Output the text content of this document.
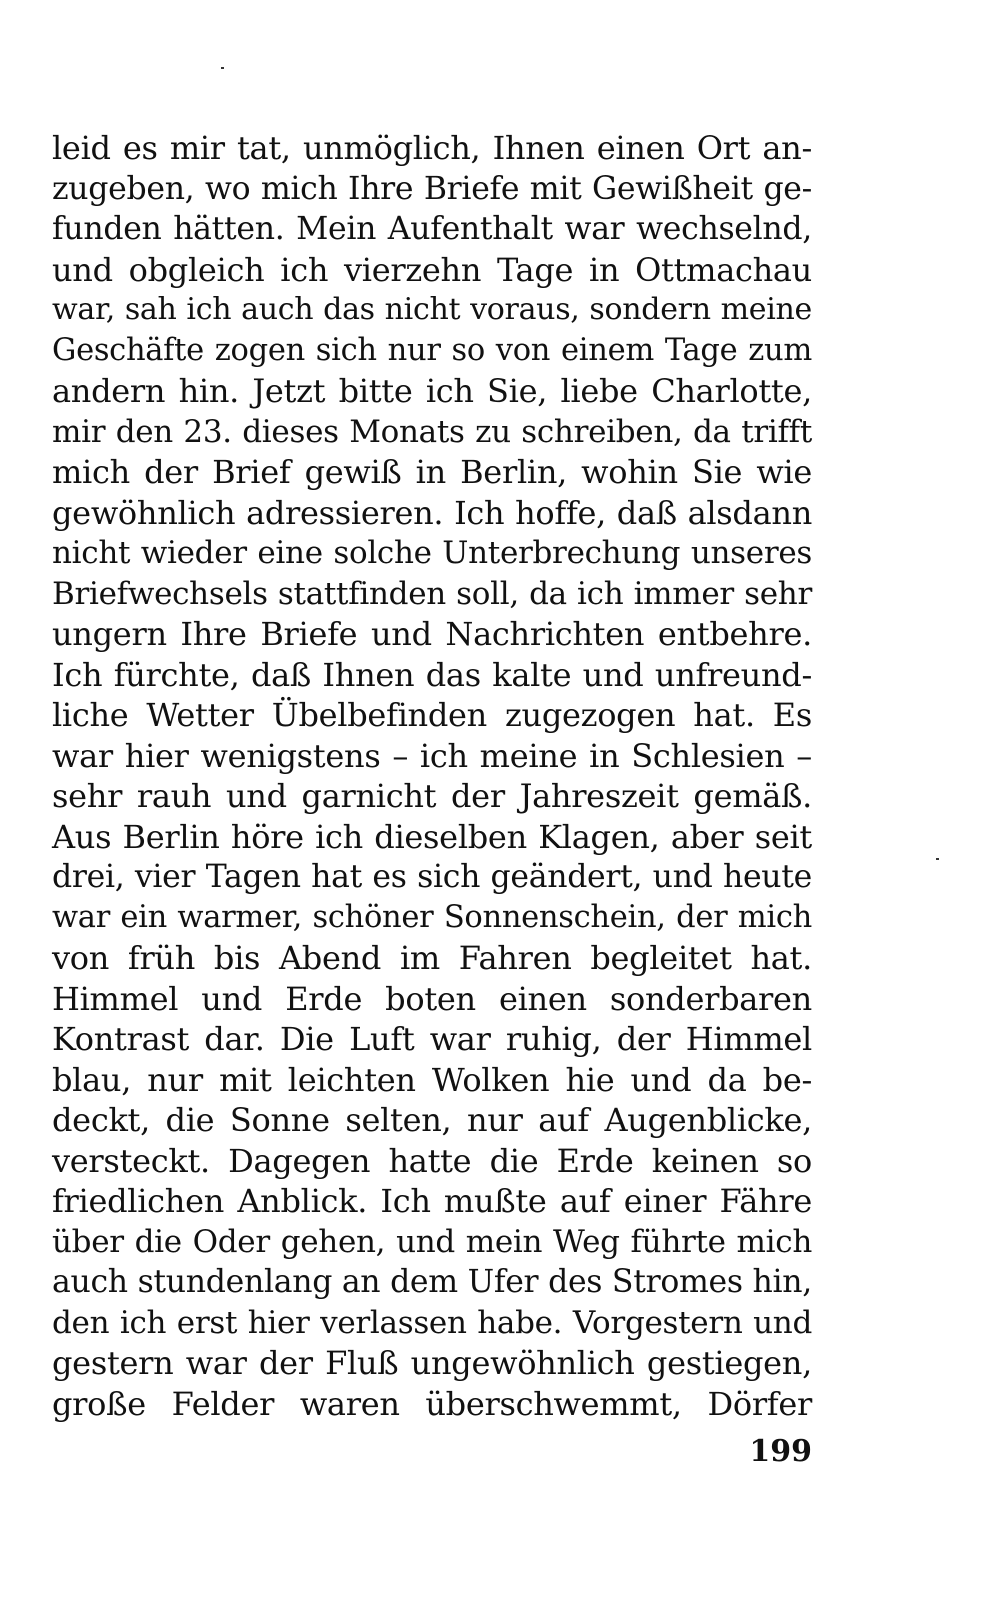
leid es mir tat, unmöglich, Ihnen einen Ort an-
zugeben, wo mich Ihre Briefe mit Gewißheit ge-
funden hätten. Mein Aufenthalt war wechselnd,
und obgleich ich vierzehn Tage in Ottmachau
war, sah ich auch das nicht voraus, sondern meine
Geschäfte zogen sich nur so von einem Tage zum
andern hin. Jetzt bitte ich Sie, liebe Charlotte,
mir den 23. dieses Monats zu schreiben, da trifft
mich der Brief gewiß in Berlin, wohin Sie wie
gewöhnlich adressieren. Ich hoffe, daß alsdann
nicht wieder eine solche Unterbrechung unseres
Briefwechsels stattfinden soll, da ich immer sehr
ungern Ihre Briefe und Nachrichten entbehre.
Ich fürchte, daß Ihnen das kalte und unfreund-
liche Wetter Übelbefinden zugezogen hat. Es
war hier wenigstens – ich meine in Schlesien –
sehr rauh und garnicht der Jahreszeit gemäß.
Aus Berlin höre ich dieselben Klagen, aber seit
drei, vier Tagen hat es sich geändert, und heute
war ein warmer, schöner Sonnenschein, der mich
von früh bis Abend im Fahren begleitet hat.
Himmel und Erde boten einen sonderbaren
Kontrast dar. Die Luft war ruhig, der Himmel
blau, nur mit leichten Wolken hie und da be-
deckt, die Sonne selten, nur auf Augenblicke,
versteckt. Dagegen hatte die Erde keinen so
friedlichen Anblick. Ich mußte auf einer Fähre
über die Oder gehen, und mein Weg führte mich
auch stundenlang an dem Ufer des Stromes hin,
den ich erst hier verlassen habe. Vorgestern und
gestern war der Fluß ungewöhnlich gestiegen,
große Felder waren überschwemmt, Dörfer
199
